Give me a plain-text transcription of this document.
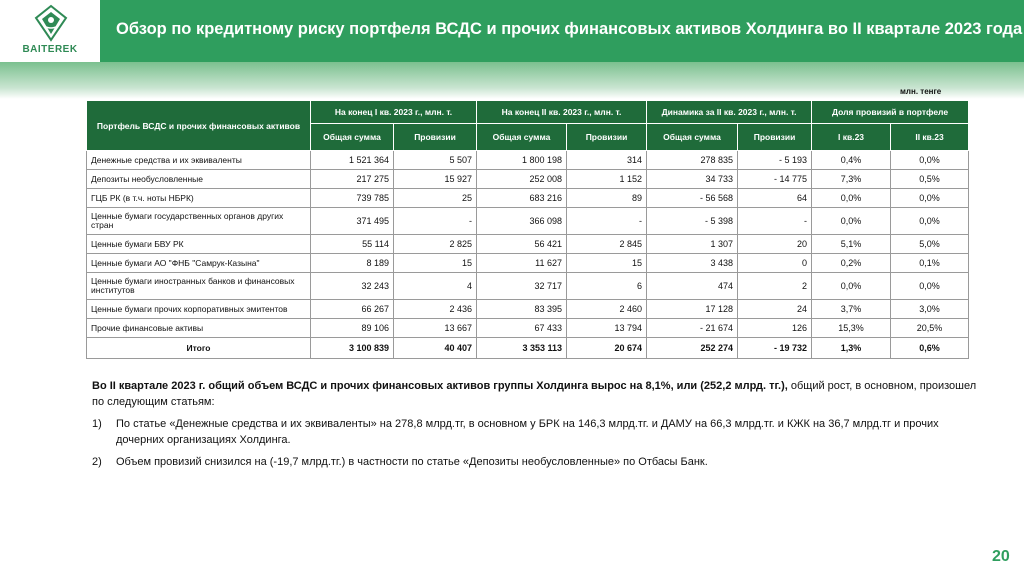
BAITEREK
Обзор по кредитному риску портфеля ВСДС и прочих финансовых активов Холдинга во II квартале 2023 года
млн. тенге
Портфель ВСДС и прочих финансовых активов	На конец I кв. 2023 г., млн. т.		На конец II кв. 2023 г., млн. т.		Динамика за II кв. 2023 г., млн. т.		Доля провизий в портфеле	
	Общая сумма	Провизии	Общая сумма	Провизии	Общая сумма	Провизии	I кв.23	II кв.23
Денежные средства и их эквиваленты	1 521 364	5 507	1 800 198	314	278 835	- 5 193	0,4%	0,0%
Депозиты необусловленные	217 275	15 927	252 008	1 152	34 733	- 14 775	7,3%	0,5%
ГЦБ РК (в т.ч. ноты НБРК)	739 785	25	683 216	89	- 56 568	64	0,0%	0,0%
Ценные бумаги государственных органов других стран	371 495	-	366 098	-	- 5 398	-	0,0%	0,0%
Ценные бумаги БВУ РК	55 114	2 825	56 421	2 845	1 307	20	5,1%	5,0%
Ценные бумаги АО "ФНБ "Самрук-Казына"	8 189	15	11 627	15	3 438	0	0,2%	0,1%
Ценные бумаги иностранных банков и финансовых институтов	32 243	4	32 717	6	474	2	0,0%	0,0%
Ценные бумаги прочих корпоративных эмитентов	66 267	2 436	83 395	2 460	17 128	24	3,7%	3,0%
Прочие финансовые активы	89 106	13 667	67 433	13 794	- 21 674	126	15,3%	20,5%
Итого	3 100 839	40 407	3 353 113	20 674	252 274	- 19 732	1,3%	0,6%

Во II квартале 2023 г. общий объем ВСДС и прочих финансовых активов группы Холдинга вырос на 8,1%, или (252,2 млрд. тг.), общий рост, в основном, произошел по следующим статьям:

1)	По статье «Денежные средства и их эквиваленты» на 278,8 млрд.тг, в основном у БРК на 146,3 млрд.тг. и ДАМУ на 66,3 млрд.тг. и КЖК на 36,7 млрд.тг и прочих дочерних организациях Холдинга.
2)	Объем провизий снизился на (-19,7 млрд.тг.) в частности по статье «Депозиты необусловленные» по Отбасы Банк.
20
